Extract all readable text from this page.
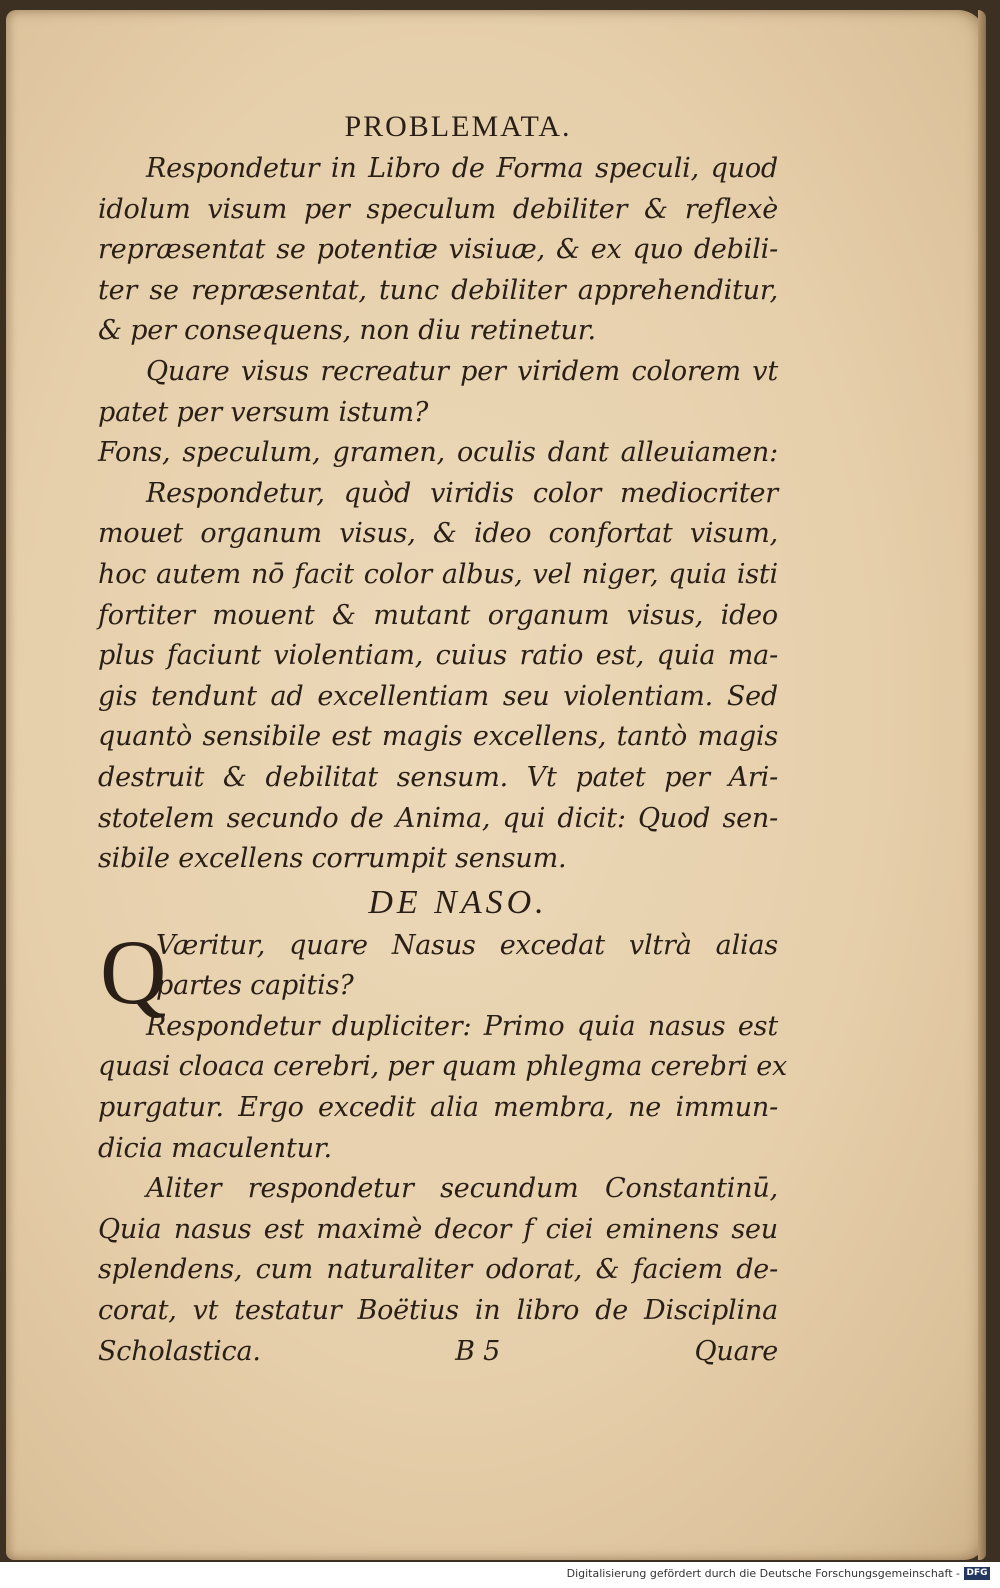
PROBLEMATA.
Respondetur in Libro de Forma speculi, quod
idolum visum per speculum debiliter & reflexè
repræsentat se potentiæ visiuæ, & ex quo debili-
ter se repræsentat, tunc debiliter apprehenditur,
& per consequens, non diu retinetur.
Quare visus recreatur per viridem colorem vt
patet per versum istum?
Fons, speculum, gramen, oculis dant alleuiamen:
Respondetur, quòd viridis color mediocriter
mouet organum visus, & ideo confortat visum,
hoc autem nō facit color albus, vel niger, quia isti
fortiter mouent & mutant organum visus, ideo
plus faciunt violentiam, cuius ratio est, quia ma-
gis tendunt ad excellentiam seu violentiam. Sed
quantò sensibile est magis excellens, tantò magis
destruit & debilitat sensum. Vt patet per Ari-
stotelem secundo de Anima, qui dicit: Quod sen-
sibile excellens corrumpit sensum.
DE NASO.
Q
Væritur, quare Nasus excedat vltrà alias
partes capitis?
Respondetur dupliciter: Primo quia nasus est
quasi cloaca cerebri, per quam phlegma cerebri ex
purgatur. Ergo excedit alia membra, ne immun-
dicia maculentur.
Aliter respondetur secundum Constantinū,
Quia nasus est maximè decor f ciei eminens seu
splendens, cum naturaliter odorat, & faciem de-
corat, vt testatur Boëtius in libro de Disciplina
Scholastica.	B 5	Quare
Digitalisierung gefördert durch die Deutsche Forschungsgemeinschaft - DFG
